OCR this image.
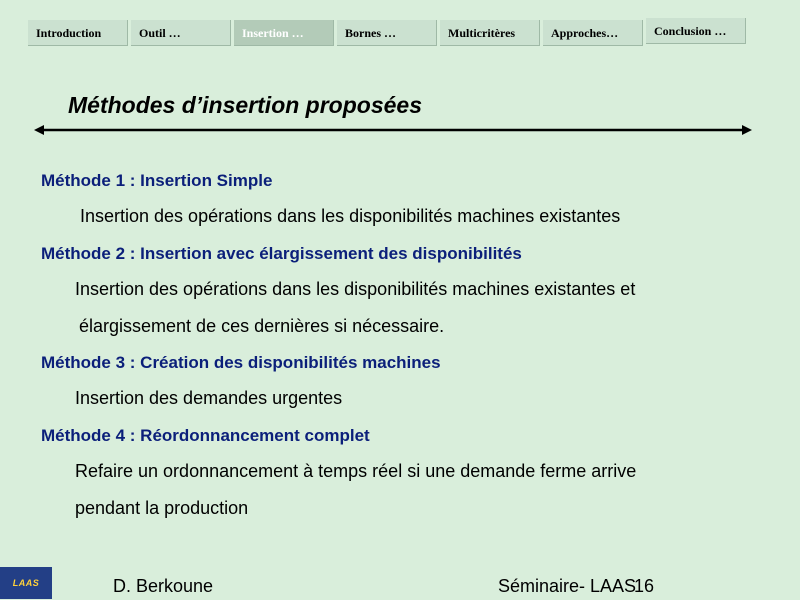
Introduction	Outil …	Insertion …	Bornes …	Multicritères	Approches…	Conclusion …
Méthodes d’insertion proposées
Méthode 1 : Insertion Simple
Insertion des opérations dans les disponibilités machines existantes
Méthode 2 : Insertion avec élargissement des disponibilités
Insertion des opérations dans les disponibilités machines existantes et
élargissement de ces dernières si nécessaire.
Méthode 3 : Création des disponibilités machines
Insertion des demandes urgentes
Méthode 4 : Réordonnancement complet
Refaire un ordonnancement à temps réel si une demande ferme arrive
pendant la production
LAAS	D. Berkoune	Séminaire- LAAS
16
